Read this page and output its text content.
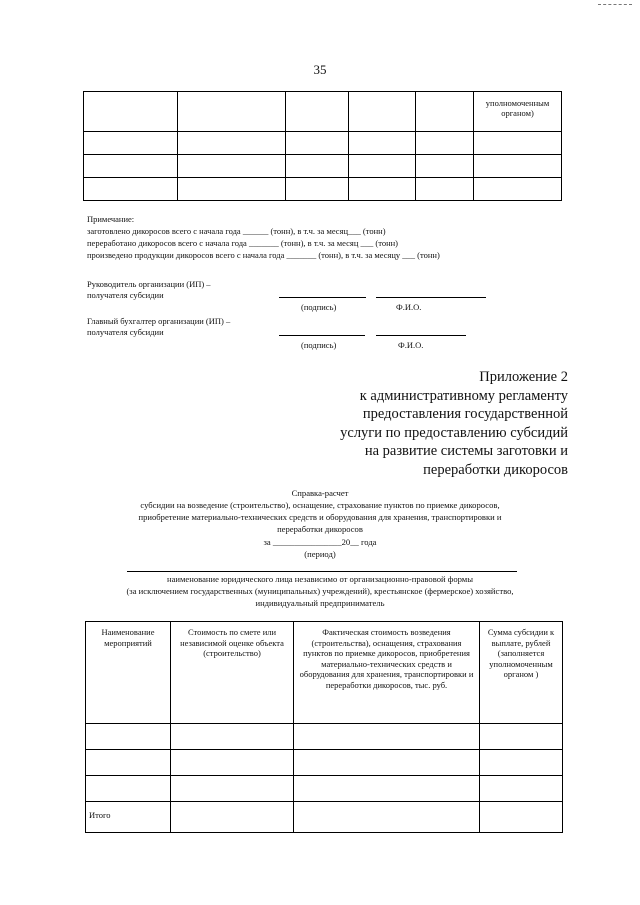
35
					уполномоченным органом)

Примечание:
заготовлено дикоросов всего с начала года ______ (тонн), в т.ч. за месяц___ (тонн)
переработано дикоросов всего с начала года _______ (тонн), в т.ч. за месяц ___ (тонн)
произведено продукции дикоросов всего с начала года _______ (тонн), в т.ч. за месяцу ___ (тонн)
Руководитель организации (ИП) –
получателя субсидии
(подпись)	Ф.И.О.
Главный бухгалтер организации (ИП) –
получателя субсидии
(подпись)	Ф.И.О.
Приложение 2
к административному регламенту
предоставления государственной
услуги по предоставлению субсидий
на развитие системы заготовки и
переработки дикоросов
Справка-расчет
субсидии на возведение (строительство), оснащение, страхование пунктов по приемке дикоросов,
приобретение материально-технических средств и оборудования для хранения, транспортировки и
переработки дикоросов
за ________________20__ года
(период)
наименование юридического лица независимо от организационно-правовой формы
(за исключением государственных (муниципальных) учреждений), крестьянское (фермерское) хозяйство,
индивидуальный предприниматель
Наименование мероприятий	Стоимость по смете или независимой оценке объекта (строительство)	Фактическая стоимость возведения (строительства), оснащения, страхования пунктов по приемке дикоросов, приобретения материально-технических средств и оборудования для хранения, транспортировки и переработки дикоросов, тыс. руб.	Сумма субсидии к выплате, рублей (заполняется уполномоченным органом )

Итого			
